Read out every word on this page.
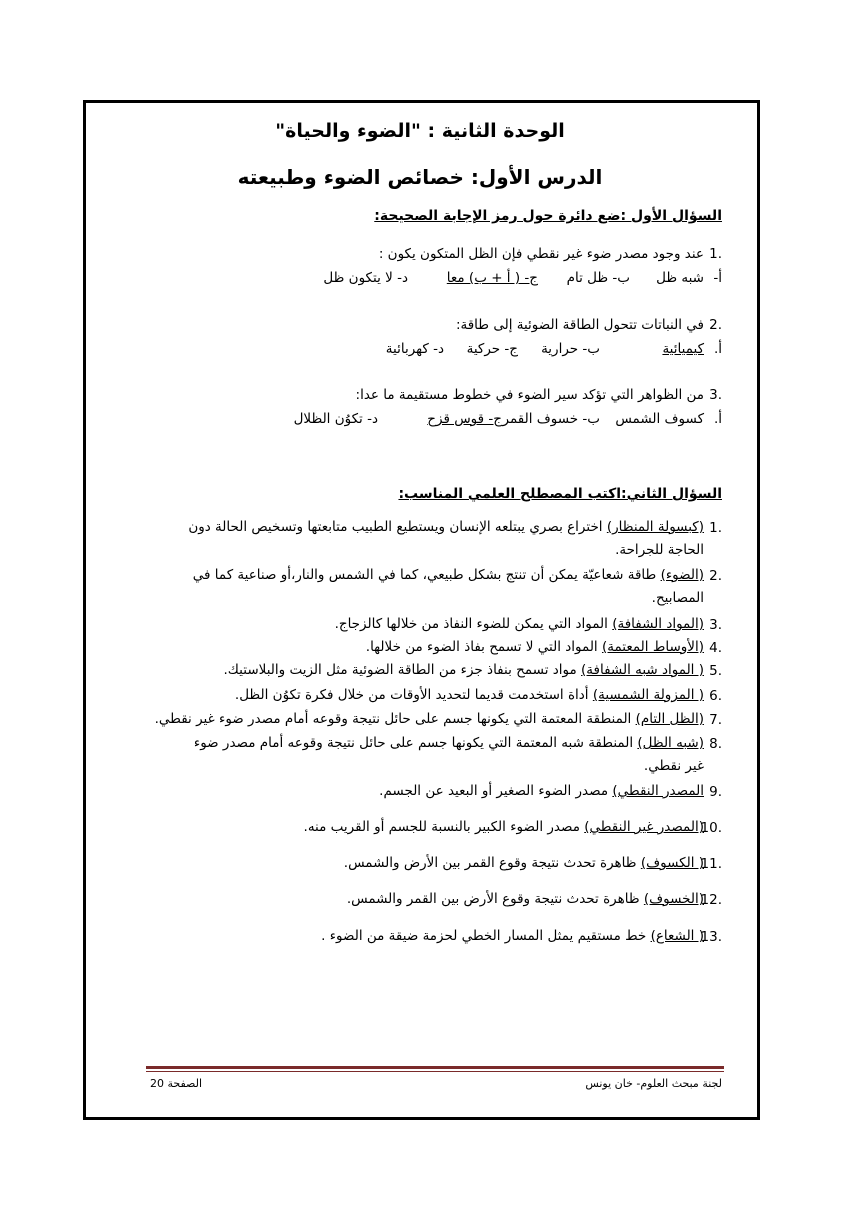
الوحدة الثانية : "الضوء والحياة"
الدرس الأول: خصائص الضوء وطبيعته
السؤال الأول :ضع دائرة حول رمز الإجابة الصحيحة:
1.
عند وجود مصدر ضوء غير نقطي فإن الظل المتكون يكون :
أ-
شبه ظل
ب- ظل تام
ج- ( أ + ب) معا
د- لا يتكون ظل
2.
في النباتات تتحول الطاقة الضوئية إلى طاقة:
أ.
كيميائية
ب- حرارية
ج- حركية
د- كهربائية
3.
من الظواهر التي تؤكد سير الضوء في خطوط مستقيمة ما عدا:
أ.
كسوف الشمس
ب- خسوف القمر
ج- قوس قزح
د- تكوُن الظلال
السؤال الثاني:اكتب المصطلح العلمي المناسب:
1.
(كبسولة المنظار) اختراع بصري يبتلعه الإنسان ويستطيع الطبيب متابعتها وتسخيص الحالة دون الحاجة للجراحة.
2.
(الضوء) طاقة شعاعيّة يمكن أن تنتج بشكل طبيعي، كما في الشمس والنار،أو صناعية كما في المصابيح.
3.
(المواد الشفافة) المواد التي يمكن للضوء النفاذ من خلالها كالزجاج.
4.
(الأوساط المعتمة) المواد التي لا تسمح بفاذ الضوء من خلالها.
5.
( المواد شبه الشفافة) مواد تسمح بنفاذ جزء من الطاقة الضوئية مثل الزيت والبلاستيك.
6.
( المزولة الشمسية) أداة استخدمت قديما لتحديد الأوقات من خلال فكرة تكوُن الظل.
7.
(الظل التام) المنطقة المعتمة التي يكونها جسم على حائل نتيجة وقوعه أمام مصدر ضوء غير نقطي.
8.
(شبه الظل) المنطقة شبه المعتمة التي يكونها جسم على حائل نتيجة وقوعه أمام مصدر ضوء غير نقطي.
9.
المصدر النقطي) مصدر الضوء الصغير أو البعيد عن الجسم.
10.
(المصدر غير النقطي) مصدر الضوء الكبير بالنسبة للجسم أو القريب منه.
11.
( الكسوف) ظاهرة تحدث نتيجة وقوع القمر بين الأرض والشمس.
12.
(الخسوف) ظاهرة تحدث نتيجة وقوع الأرض بين القمر والشمس.
13.
( الشعاع) خط مستقيم يمثل المسار الخطي لحزمة ضيقة من الضوء .
لجنة مبحث العلوم- خان يونس
الصفحة 20
